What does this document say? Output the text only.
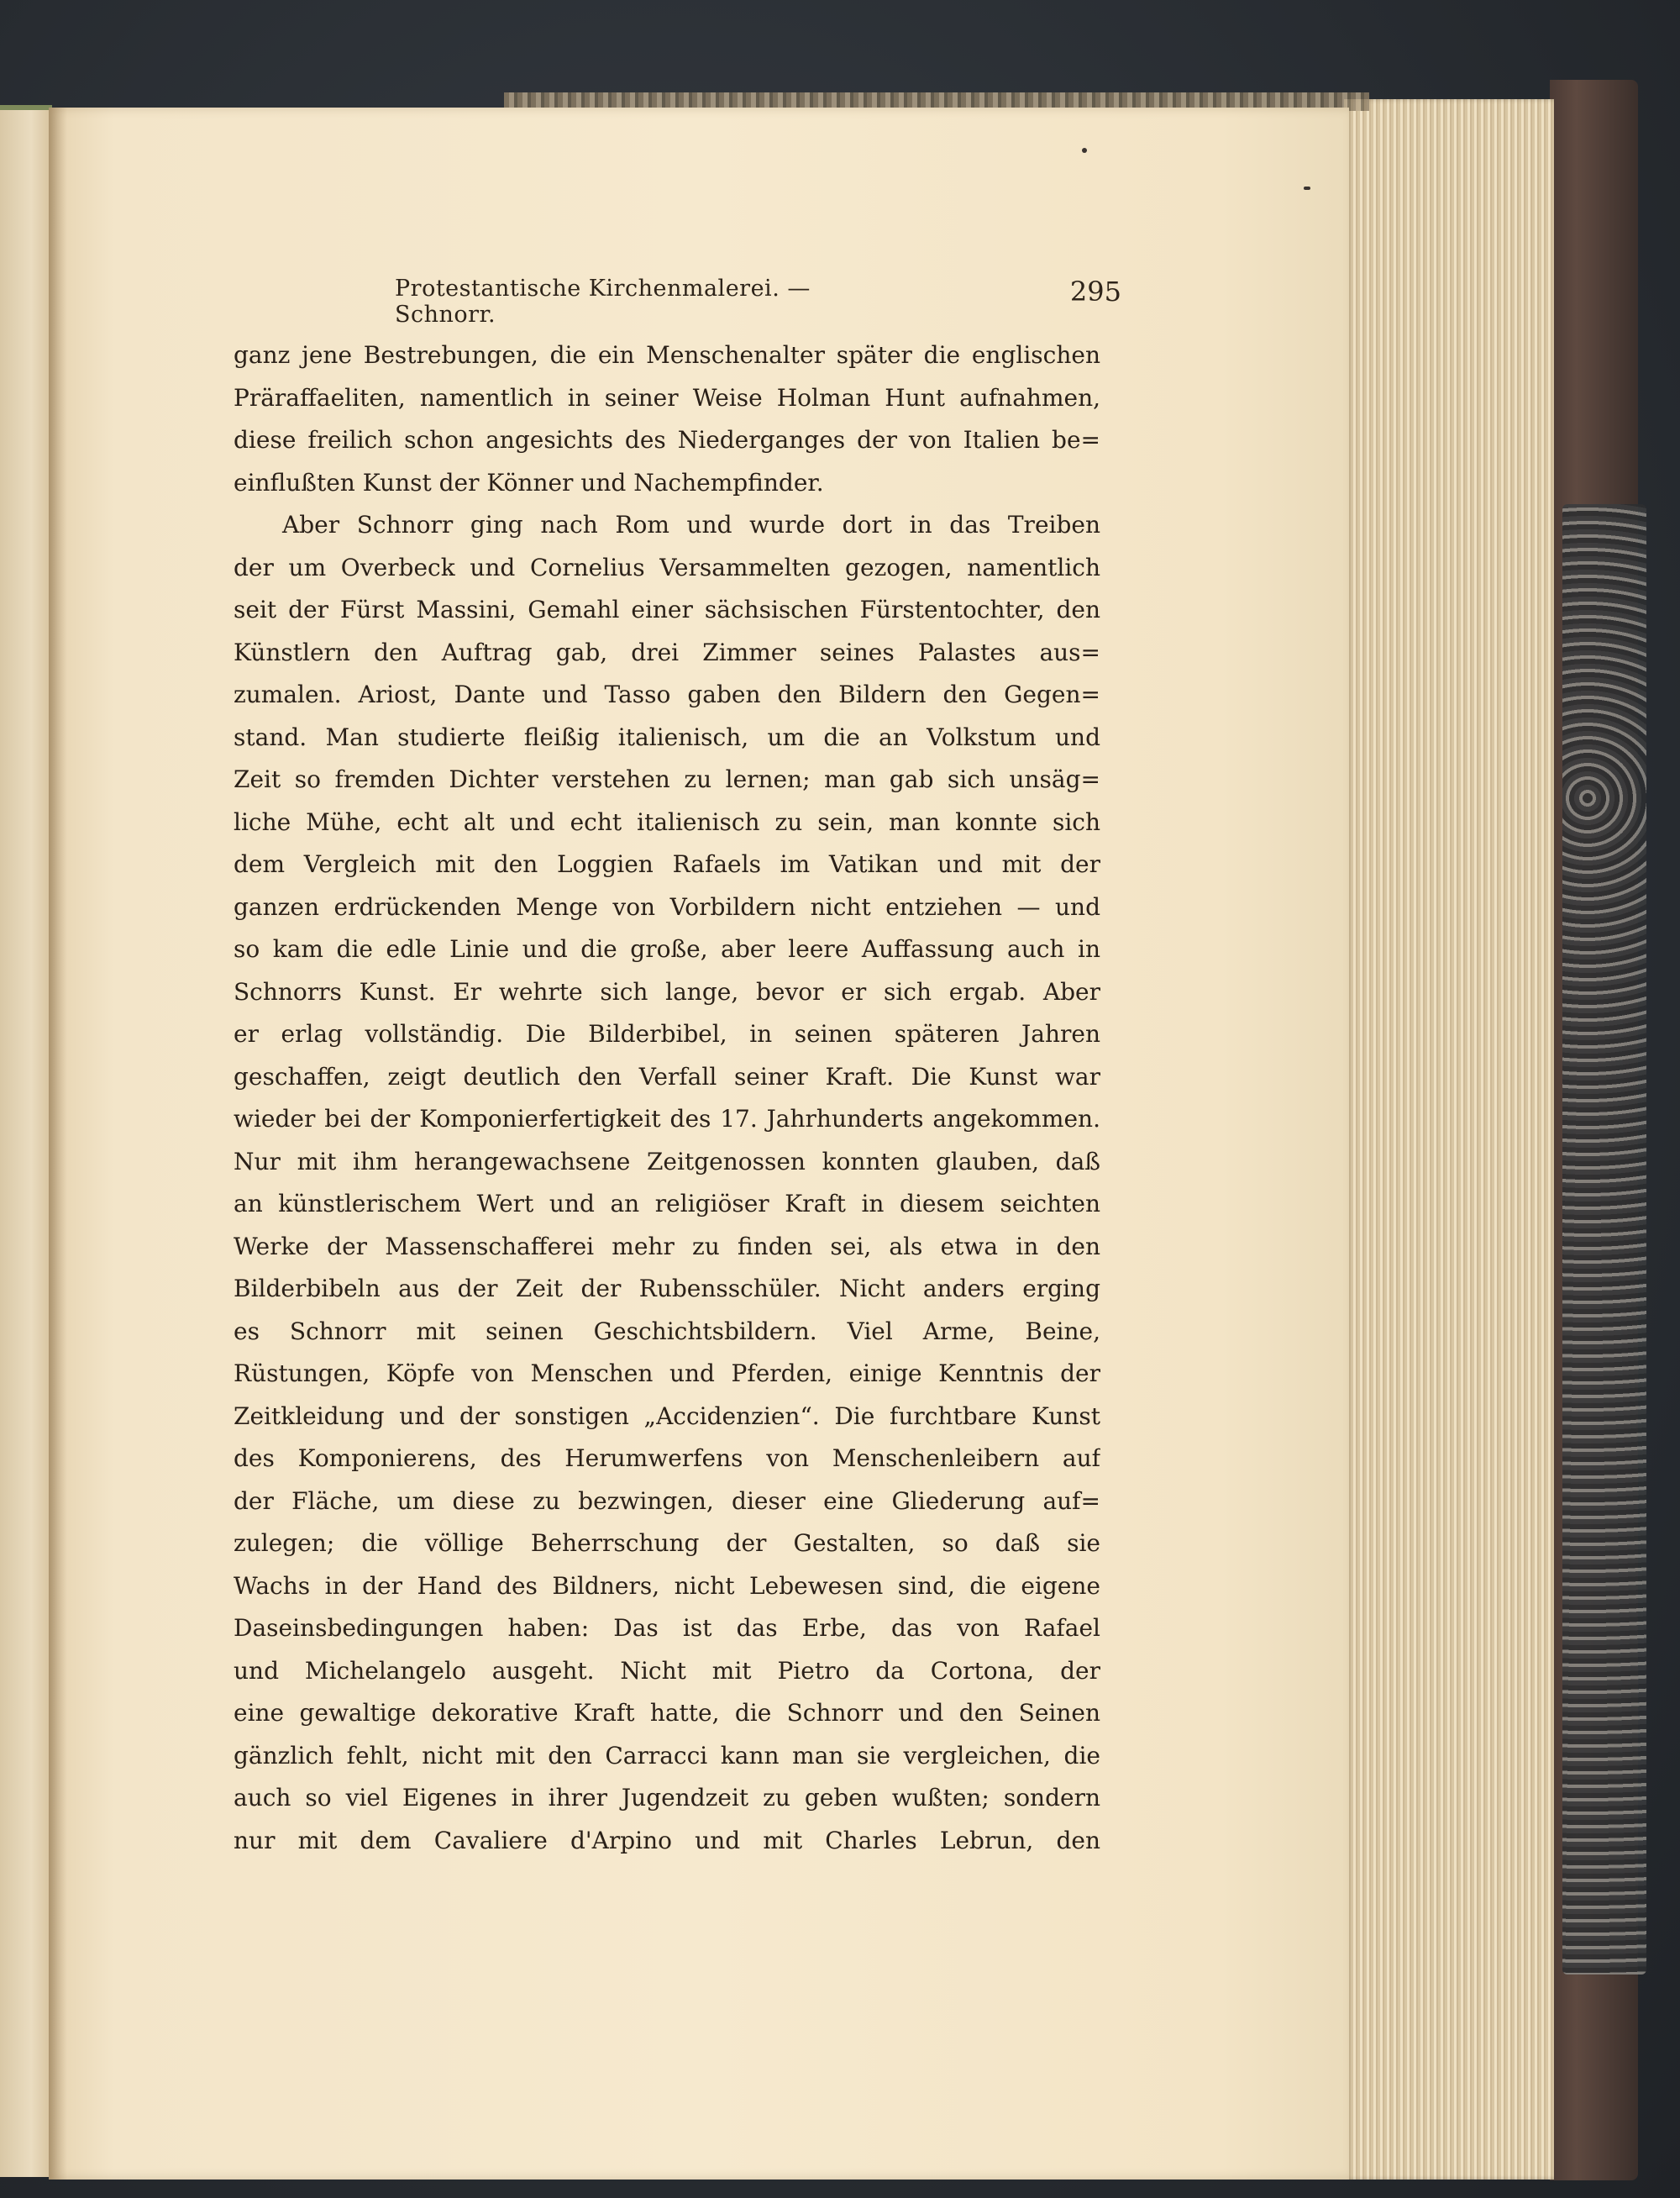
Protestantische Kirchenmalerei. — Schnorr.
295
ganz jene Bestrebungen, die ein Menschenalter später die englischen
Präraffaeliten, namentlich in seiner Weise Holman Hunt aufnahmen,
diese freilich schon angesichts des Niederganges der von Italien be=
einflußten Kunst der Könner und Nachempfinder.
Aber Schnorr ging nach Rom und wurde dort in das Treiben
der um Overbeck und Cornelius Versammelten gezogen, namentlich
seit der Fürst Massini, Gemahl einer sächsischen Fürstentochter, den
Künstlern den Auftrag gab, drei Zimmer seines Palastes aus=
zumalen. Ariost, Dante und Tasso gaben den Bildern den Gegen=
stand. Man studierte fleißig italienisch, um die an Volkstum und
Zeit so fremden Dichter verstehen zu lernen; man gab sich unsäg=
liche Mühe, echt alt und echt italienisch zu sein, man konnte sich
dem Vergleich mit den Loggien Rafaels im Vatikan und mit der
ganzen erdrückenden Menge von Vorbildern nicht entziehen — und
so kam die edle Linie und die große, aber leere Auffassung auch in
Schnorrs Kunst. Er wehrte sich lange, bevor er sich ergab. Aber
er erlag vollständig. Die Bilderbibel, in seinen späteren Jahren
geschaffen, zeigt deutlich den Verfall seiner Kraft. Die Kunst war
wieder bei der Komponierfertigkeit des 17. Jahrhunderts angekommen.
Nur mit ihm herangewachsene Zeitgenossen konnten glauben, daß
an künstlerischem Wert und an religiöser Kraft in diesem seichten
Werke der Massenschafferei mehr zu finden sei, als etwa in den
Bilderbibeln aus der Zeit der Rubensschüler. Nicht anders erging
es Schnorr mit seinen Geschichtsbildern. Viel Arme, Beine,
Rüstungen, Köpfe von Menschen und Pferden, einige Kenntnis der
Zeitkleidung und der sonstigen „Accidenzien“. Die furchtbare Kunst
des Komponierens, des Herumwerfens von Menschenleibern auf
der Fläche, um diese zu bezwingen, dieser eine Gliederung auf=
zulegen; die völlige Beherrschung der Gestalten, so daß sie
Wachs in der Hand des Bildners, nicht Lebewesen sind, die eigene
Daseinsbedingungen haben: Das ist das Erbe, das von Rafael
und Michelangelo ausgeht. Nicht mit Pietro da Cortona, der
eine gewaltige dekorative Kraft hatte, die Schnorr und den Seinen
gänzlich fehlt, nicht mit den Carracci kann man sie vergleichen, die
auch so viel Eigenes in ihrer Jugendzeit zu geben wußten; sondern
nur mit dem Cavaliere d'Arpino und mit Charles Lebrun, den
